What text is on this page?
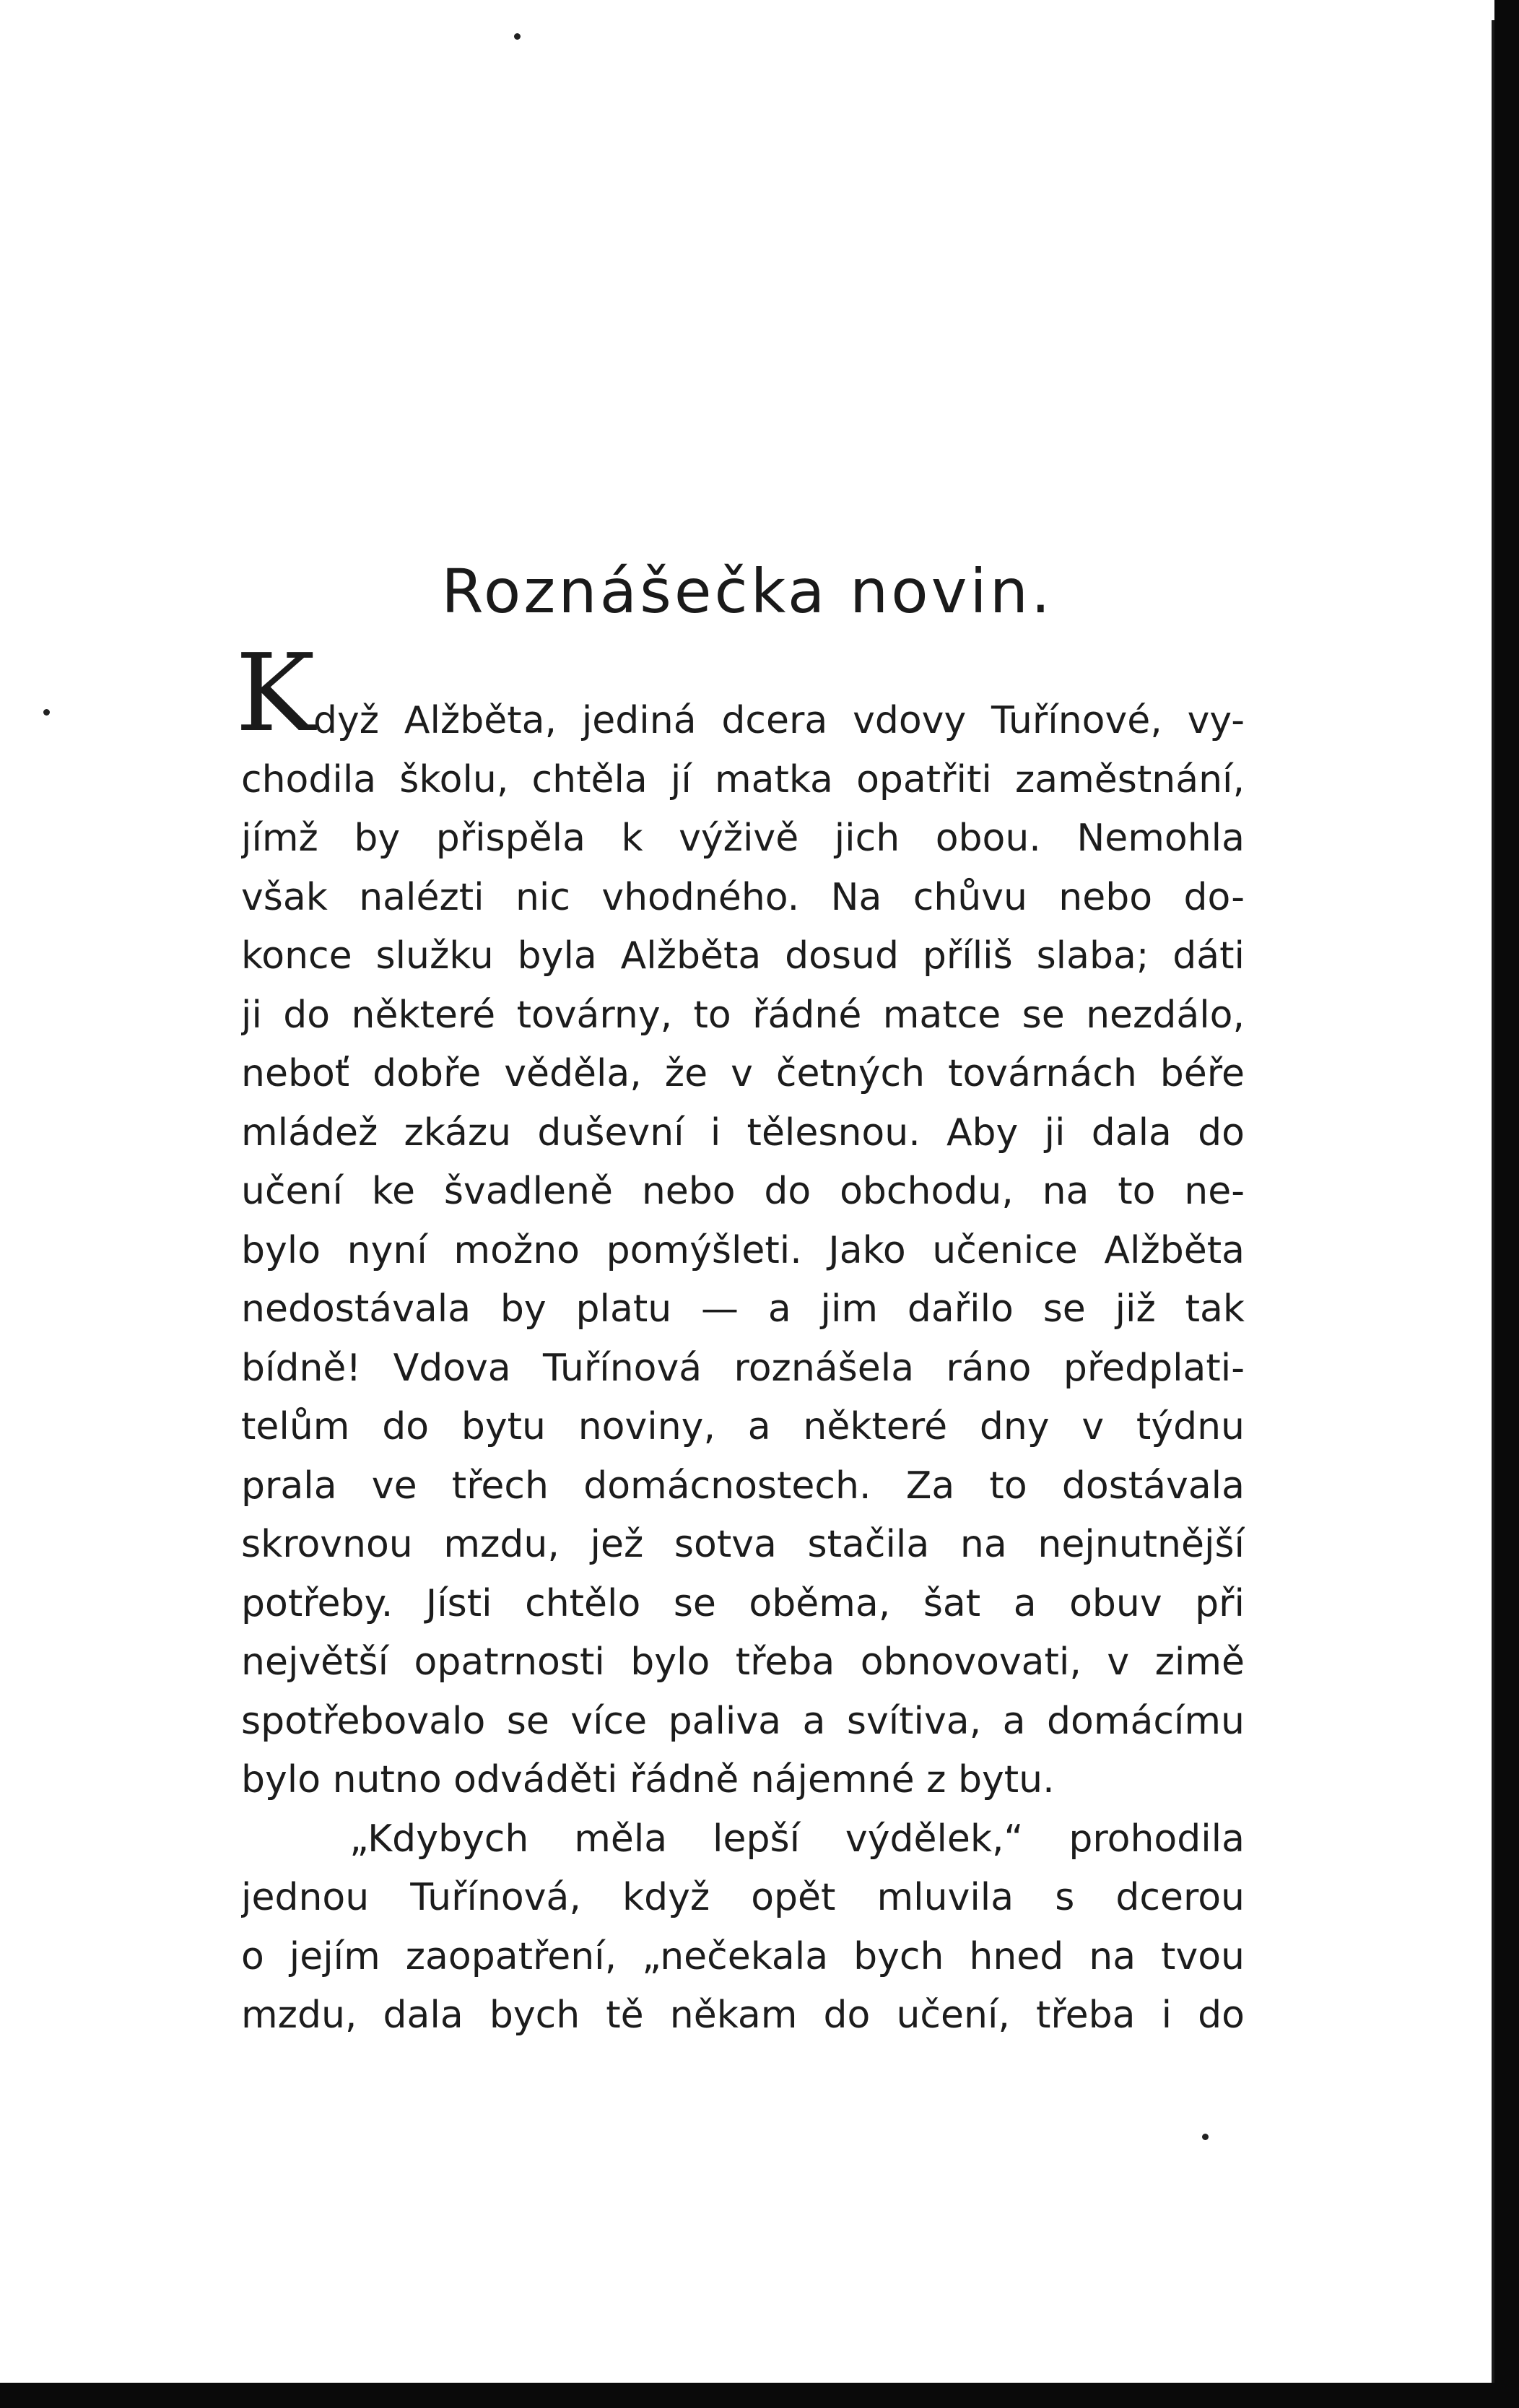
Roznášečka novin.
K
dyž Alžběta, jediná dcera vdovy Tuřínové, vy-
chodila školu, chtěla jí matka opatřiti zaměstnání,
jímž by přispěla k výživě jich obou. Nemohla
však nalézti nic vhodného. Na chůvu nebo do-
konce služku byla Alžběta dosud příliš slaba; dáti
ji do některé továrny, to řádné matce se nezdálo,
neboť dobře věděla, že v četných továrnách béře
mládež zkázu duševní i tělesnou. Aby ji dala do
učení ke švadleně nebo do obchodu, na to ne-
bylo nyní možno pomýšleti. Jako učenice Alžběta
nedostávala by platu — a jim dařilo se již tak
bídně! Vdova Tuřínová roznášela ráno předplati-
telům do bytu noviny, a některé dny v týdnu
prala ve třech domácnostech. Za to dostávala
skrovnou mzdu, jež sotva stačila na nejnutnější
potřeby. Jísti chtělo se oběma, šat a obuv při
největší opatrnosti bylo třeba obnovovati, v zimě
spotřebovalo se více paliva a svítiva, a domácímu
bylo nutno odváděti řádně nájemné z bytu.
„Kdybych měla lepší výdělek,“ prohodila
jednou Tuřínová, když opět mluvila s dcerou
o jejím zaopatření, „nečekala bych hned na tvou
mzdu, dala bych tě někam do učení, třeba i do
